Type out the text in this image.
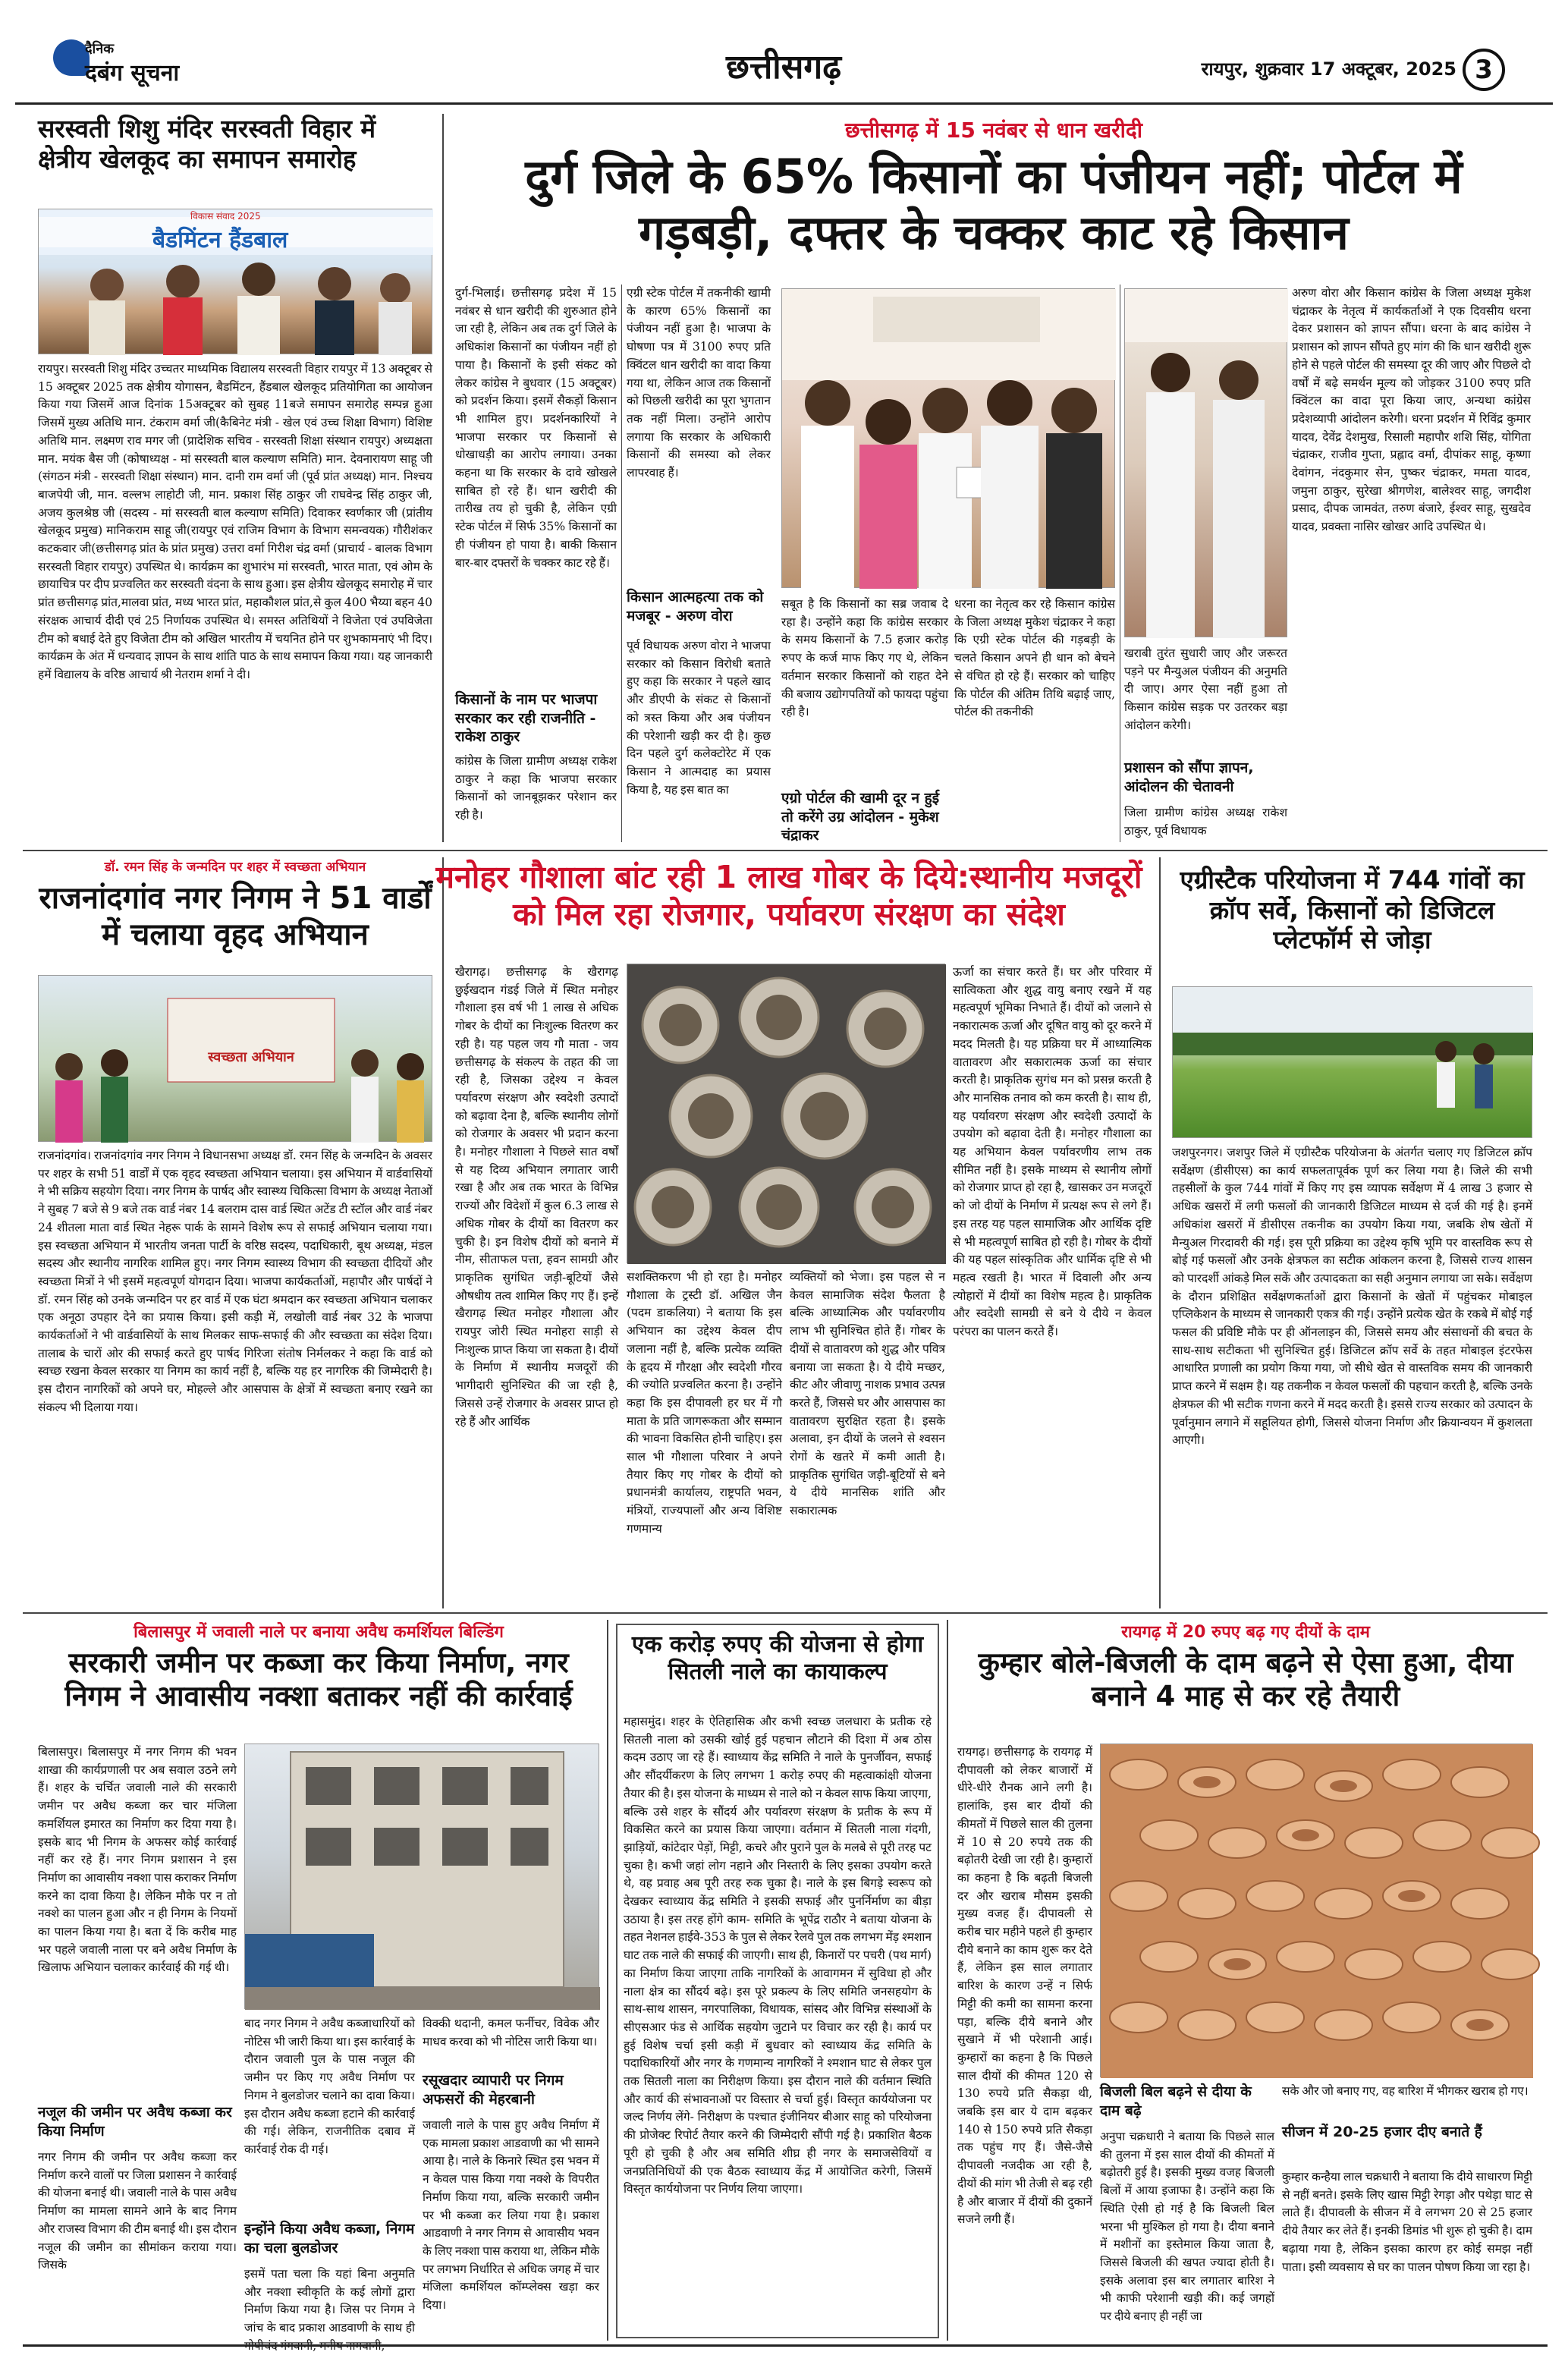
दैनिक
दबंग सूचना	छत्तीसगढ़	रायपुर, शुक्रवार 17 अक्टूबर, 2025 3
सरस्वती शिशु मंदिर सरस्वती विहार में क्षेत्रीय खेलकूद का समापन समारोह
बैडमिंटन हैंडबाल
विकास संवाद 2025
रायपुर। सरस्वती शिशु मंदिर उच्चतर माध्यमिक विद्यालय सरस्वती विहार रायपुर में 13 अक्टूबर से 15 अक्टूबर 2025 तक क्षेत्रीय योगासन, बैडमिंटन, हैंडबाल खेलकूद प्रतियोगिता का आयोजन किया गया जिसमें आज दिनांक 15अक्टूबर को सुबह 11बजे समापन समारोह सम्पन्न हुआ जिसमें मुख्य अतिथि मान. टंकराम वर्मा जी(कैबिनेट मंत्री - खेल एवं उच्च शिक्षा विभाग) विशिष्ट अतिथि मान. लक्ष्मण राव मगर जी (प्रादेशिक सचिव - सरस्वती शिक्षा संस्थान रायपुर) अध्यक्षता मान. मयंक बैस जी (कोषाध्यक्ष - मां सरस्वती बाल कल्याण समिति) मान. देवनारायण साहू जी (संगठन मंत्री - सरस्वती शिक्षा संस्थान) मान. दानी राम वर्मा जी (पूर्व प्रांत अध्यक्ष) मान. निश्चय बाजपेयी जी, मान. वल्लभ लाहोटी जी, मान. प्रकाश सिंह ठाकुर जी राघवेन्द्र सिंह ठाकुर जी, अजय कुलश्रेष्ठ जी (सदस्य - मां सरस्वती बाल कल्याण समिति) दिवाकर स्वर्णकार जी (प्रांतीय खेलकूद प्रमुख) मानिकराम साहू जी(रायपुर एवं राजिम विभाग के विभाग समन्वयक) गौरीशंकर कटकवार जी(छत्तीसगढ़ प्रांत के प्रांत प्रमुख) उत्तरा वर्मा गिरीश चंद्र वर्मा (प्राचार्य - बालक विभाग सरस्वती विहार रायपुर) उपस्थित थे। कार्यक्रम का शुभारंभ मां सरस्वती, भारत माता, एवं ओम के छायाचित्र पर दीप प्रज्वलित कर सरस्वती वंदना के साथ हुआ। इस क्षेत्रीय खेलकूद समारोह में चार प्रांत छत्तीसगढ़ प्रांत,मालवा प्रांत, मध्य भारत प्रांत, महाकौशल प्रांत,से कुल 400 भैय्या बहन 40 संरक्षक आचार्य दीदी एवं 25 निर्णायक उपस्थित थे। समस्त अतिथियों ने विजेता एवं उपविजेता टीम को बधाई देते हुए विजेता टीम को अखिल भारतीय में चयनित होने पर शुभकामनाएं भी दिए। कार्यक्रम के अंत में धन्यवाद ज्ञापन के साथ शांति पाठ के साथ समापन किया गया। यह जानकारी हमें विद्यालय के वरिष्ठ आचार्य श्री नेतराम शर्मा ने दी।
छत्तीसगढ़ में 15 नवंबर से धान खरीदी
दुर्ग जिले के 65% किसानों का पंजीयन नहीं; पोर्टल में गड़बड़ी, दफ्तर के चक्कर काट रहे किसान
दुर्ग-भिलाई। छत्तीसगढ़ प्रदेश में 15 नवंबर से धान खरीदी की शुरुआत होने जा रही है, लेकिन अब तक दुर्ग जिले के अधिकांश किसानों का पंजीयन नहीं हो पाया है। किसानों के इसी संकट को लेकर कांग्रेस ने बुधवार (15 अक्टूबर) को प्रदर्शन किया। इसमें सैकड़ों किसान भी शामिल हुए। प्रदर्शनकारियों ने भाजपा सरकार पर किसानों से धोखाधड़ी का आरोप लगाया। उनका कहना था कि सरकार के दावे खोखले साबित हो रहे हैं। धान खरीदी की तारीख तय हो चुकी है, लेकिन एग्री स्टेक पोर्टल में सिर्फ 35% किसानों का ही पंजीयन हो पाया है। बाकी किसान बार-बार दफ्तरों के चक्कर काट रहे हैं।
किसानों के नाम पर भाजपा सरकार कर रही राजनीति - राकेश ठाकुर
कांग्रेस के जिला ग्रामीण अध्यक्ष राकेश ठाकुर ने कहा कि भाजपा सरकार किसानों को जानबूझकर परेशान कर रही है।
एग्री स्टेक पोर्टल में तकनीकी खामी के कारण 65% किसानों का पंजीयन नहीं हुआ है। भाजपा के घोषणा पत्र में 3100 रुपए प्रति क्विंटल धान खरीदी का वादा किया गया था, लेकिन आज तक किसानों को पिछली खरीदी का पूरा भुगतान तक नहीं मिला। उन्होंने आरोप लगाया कि सरकार के अधिकारी किसानों की समस्या को लेकर लापरवाह हैं।
किसान आत्महत्या तक को मजबूर - अरुण वोरा
पूर्व विधायक अरुण वोरा ने भाजपा सरकार को किसान विरोधी बताते हुए कहा कि सरकार ने पहले खाद और डीएपी के संकट से किसानों को त्रस्त किया और अब पंजीयन की परेशानी खड़ी कर दी है। कुछ दिन पहले दुर्ग कलेक्टोरेट में एक किसान ने आत्मदाह का प्रयास किया है, यह इस बात का
सबूत है कि किसानों का सब्र जवाब दे रहा है। उन्होंने कहा कि कांग्रेस सरकार के समय किसानों के 7.5 हजार करोड़ रुपए के कर्ज माफ किए गए थे, लेकिन वर्तमान सरकार किसानों को राहत देने की बजाय उद्योगपतियों को फायदा पहुंचा रही है।
एग्रो पोर्टल की खामी दूर न हुई तो करेंगे उग्र आंदोलन - मुकेश चंद्राकर
धरना का नेतृत्व कर रहे किसान कांग्रेस के जिला अध्यक्ष मुकेश चंद्राकर ने कहा कि एग्री स्टेक पोर्टल की गड़बड़ी के चलते किसान अपने ही धान को बेचने से वंचित हो रहे हैं। सरकार को चाहिए कि पोर्टल की अंतिम तिथि बढ़ाई जाए, पोर्टल की तकनीकी
खराबी तुरंत सुधारी जाए और जरूरत पड़ने पर मैन्युअल पंजीयन की अनुमति दी जाए। अगर ऐसा नहीं हुआ तो किसान कांग्रेस सड़क पर उतरकर बड़ा आंदोलन करेगी।
प्रशासन को सौंपा ज्ञापन, आंदोलन की चेतावनी
जिला ग्रामीण कांग्रेस अध्यक्ष राकेश ठाकुर, पूर्व विधायक
अरुण वोरा और किसान कांग्रेस के जिला अध्यक्ष मुकेश चंद्राकर के नेतृत्व में कार्यकर्ताओं ने एक दिवसीय धरना देकर प्रशासन को ज्ञापन सौंपा। धरना के बाद कांग्रेस ने प्रशासन को ज्ञापन सौंपते हुए मांग की कि धान खरीदी शुरू होने से पहले पोर्टल की समस्या दूर की जाए और पिछले दो वर्षों में बढ़े समर्थन मूल्य को जोड़कर 3100 रुपए प्रति क्विंटल का वादा पूरा किया जाए, अन्यथा कांग्रेस प्रदेशव्यापी आंदोलन करेगी। धरना प्रदर्शन में रिविंद्र कुमार यादव, देवेंद्र देशमुख, रिसाली महापौर शशि सिंह, योगिता चंद्राकर, राजीव गुप्ता, प्रह्लाद वर्मा, दीपांकर साहू, कृष्णा देवांगन, नंदकुमार सेन, पुष्कर चंद्राकर, ममता यादव, जमुना ठाकुर, सुरेखा श्रीगणेश, बालेश्वर साहू, जगदीश प्रसाद, दीपक जामवंत, तरुण बंजारे, ईश्वर साहू, सुखदेव यादव, प्रवक्ता नासिर खोखर आदि उपस्थित थे।
डॉ. रमन सिंह के जन्मदिन पर शहर में स्वच्छता अभियान
राजनांदगांव नगर निगम ने 51 वार्डों में चलाया वृहद अभियान
स्वच्छता अभियान
राजनांदगांव। राजनांदगांव नगर निगम ने विधानसभा अध्यक्ष डॉ. रमन सिंह के जन्मदिन के अवसर पर शहर के सभी 51 वार्डों में एक वृहद स्वच्छता अभियान चलाया। इस अभियान में वार्डवासियों ने भी सक्रिय सहयोग दिया। नगर निगम के पार्षद और स्वास्थ्य चिकित्सा विभाग के अध्यक्ष नेताओं ने सुबह 7 बजे से 9 बजे तक वार्ड नंबर 14 बलराम दास वार्ड स्थित अटेंड टी स्टॉल और वार्ड नंबर 24 शीतला माता वार्ड स्थित नेहरू पार्क के सामने विशेष रूप से सफाई अभियान चलाया गया। इस स्वच्छता अभियान में भारतीय जनता पार्टी के वरिष्ठ सदस्य, पदाधिकारी, बूथ अध्यक्ष, मंडल सदस्य और स्थानीय नागरिक शामिल हुए। नगर निगम स्वास्थ्य विभाग की स्वच्छता दीदियों और स्वच्छता मित्रों ने भी इसमें महत्वपूर्ण योगदान दिया। भाजपा कार्यकर्ताओं, महापौर और पार्षदों ने डॉ. रमन सिंह को उनके जन्मदिन पर हर वार्ड में एक घंटा श्रमदान कर स्वच्छता अभियान चलाकर एक अनूठा उपहार देने का प्रयास किया। इसी कड़ी में, लखोली वार्ड नंबर 32 के भाजपा कार्यकर्ताओं ने भी वार्डवासियों के साथ मिलकर साफ-सफाई की और स्वच्छता का संदेश दिया। तालाब के चारों ओर की सफाई करते हुए पार्षद गिरिजा संतोष निर्मलकर ने कहा कि वार्ड को स्वच्छ रखना केवल सरकार या निगम का कार्य नहीं है, बल्कि यह हर नागरिक की जिम्मेदारी है। इस दौरान नागरिकों को अपने घर, मोहल्ले और आसपास के क्षेत्रों में स्वच्छता बनाए रखने का संकल्प भी दिलाया गया।
मनोहर गौशाला बांट रही 1 लाख गोबर के दिये:स्थानीय मजदूरों को मिल रहा रोजगार, पर्यावरण संरक्षण का संदेश
खैरागढ़। छत्तीसगढ़ के खैरागढ़ छुईखदान गंडई जिले में स्थित मनोहर गौशाला इस वर्ष भी 1 लाख से अधिक गोबर के दीयों का निःशुल्क वितरण कर रही है। यह पहल जय गौ माता - जय छत्तीसगढ़ के संकल्प के तहत की जा रही है, जिसका उद्देश्य न केवल पर्यावरण संरक्षण और स्वदेशी उत्पादों को बढ़ावा देना है, बल्कि स्थानीय लोगों को रोजगार के अवसर भी प्रदान करना है। मनोहर गौशाला ने पिछले सात वर्षों से यह दिव्य अभियान लगातार जारी रखा है और अब तक भारत के विभिन्न राज्यों और विदेशों में कुल 6.3 लाख से अधिक गोबर के दीयों का वितरण कर चुकी है। इन विशेष दीयों को बनाने में नीम, सीताफल पत्ता, हवन सामग्री और प्राकृतिक सुगंधित जड़ी-बूटियों जैसे औषधीय तत्व शामिल किए गए हैं। इन्हें खैरागढ़ स्थित मनोहर गौशाला और रायपुर जोरी स्थित मनोहरा साड़ी से निःशुल्क प्राप्त किया जा सकता है। दीयों के निर्माण में स्थानीय मजदूरों की भागीदारी सुनिश्चित की जा रही है, जिससे उन्हें रोजगार के अवसर प्राप्त हो रहे हैं और आर्थिक
सशक्तिकरण भी हो रहा है। मनोहर गौशाला के ट्रस्टी डॉ. अखिल जैन (पदम डाकलिया) ने बताया कि इस अभियान का उद्देश्य केवल दीप जलाना नहीं है, बल्कि प्रत्येक व्यक्ति के हृदय में गौरक्षा और स्वदेशी गौरव की ज्योति प्रज्वलित करना है। उन्होंने कहा कि इस दीपावली हर घर में गौ माता के प्रति जागरूकता और सम्मान की भावना विकसित होनी चाहिए। इस साल भी गौशाला परिवार ने अपने तैयार किए गए गोबर के दीयों को प्रधानमंत्री कार्यालय, राष्ट्रपति भवन, मंत्रियों, राज्यपालों और अन्य विशिष्ट गणमान्य
व्यक्तियों को भेजा। इस पहल से न केवल सामाजिक संदेश फैलता है बल्कि आध्यात्मिक और पर्यावरणीय लाभ भी सुनिश्चित होते हैं। गोबर के दीयों से वातावरण को शुद्ध और पवित्र बनाया जा सकता है। ये दीये मच्छर, कीट और जीवाणु नाशक प्रभाव उत्पन्न करते हैं, जिससे घर और आसपास का वातावरण सुरक्षित रहता है। इसके अलावा, इन दीयों के जलने से श्वसन रोगों के खतरे में कमी आती है। प्राकृतिक सुगंधित जड़ी-बूटियों से बने ये दीये मानसिक शांति और सकारात्मक
ऊर्जा का संचार करते हैं। घर और परिवार में सात्विकता और शुद्ध वायु बनाए रखने में यह महत्वपूर्ण भूमिका निभाते हैं। दीयों को जलाने से नकारात्मक ऊर्जा और दूषित वायु को दूर करने में मदद मिलती है। यह प्रक्रिया घर में आध्यात्मिक वातावरण और सकारात्मक ऊर्जा का संचार करती है। प्राकृतिक सुगंध मन को प्रसन्न करती है और मानसिक तनाव को कम करती है। साथ ही, यह पर्यावरण संरक्षण और स्वदेशी उत्पादों के उपयोग को बढ़ावा देती है। मनोहर गौशाला का यह अभियान केवल पर्यावरणीय लाभ तक सीमित नहीं है। इसके माध्यम से स्थानीय लोगों को रोजगार प्राप्त हो रहा है, खासकर उन मजदूरों को जो दीयों के निर्माण में प्रत्यक्ष रूप से लगे हैं। इस तरह यह पहल सामाजिक और आर्थिक दृष्टि से भी महत्वपूर्ण साबित हो रही है। गोबर के दीयों की यह पहल सांस्कृतिक और धार्मिक दृष्टि से भी महत्व रखती है। भारत में दिवाली और अन्य त्योहारों में दीयों का विशेष महत्व है। प्राकृतिक और स्वदेशी सामग्री से बने ये दीये न केवल परंपरा का पालन करते हैं।
एग्रीस्टैक परियोजना में 744 गांवों का क्रॉप सर्वे, किसानों को डिजिटल प्लेटफॉर्म से जोड़ा
जशपुरनगर। जशपुर जिले में एग्रीस्टैक परियोजना के अंतर्गत चलाए गए डिजिटल क्रॉप सर्वेक्षण (डीसीएस) का कार्य सफलतापूर्वक पूर्ण कर लिया गया है। जिले की सभी तहसीलों के कुल 744 गांवों में किए गए इस व्यापक सर्वेक्षण में 4 लाख 3 हजार से अधिक खसरों में लगी फसलों की जानकारी डिजिटल माध्यम से दर्ज की गई है। इनमें अधिकांश खसरों में डीसीएस तकनीक का उपयोग किया गया, जबकि शेष खेतों में मैन्युअल गिरदावरी की गई। इस पूरी प्रक्रिया का उद्देश्य कृषि भूमि पर वास्तविक रूप से बोई गई फसलों और उनके क्षेत्रफल का सटीक आंकलन करना है, जिससे राज्य शासन को पारदर्शी आंकड़े मिल सकें और उत्पादकता का सही अनुमान लगाया जा सके। सर्वेक्षण के दौरान प्रशिक्षित सर्वेक्षणकर्ताओं द्वारा किसानों के खेतों में पहुंचकर मोबाइल एप्लिकेशन के माध्यम से जानकारी एकत्र की गई। उन्होंने प्रत्येक खेत के रकबे में बोई गई फसल की प्रविष्टि मौके पर ही ऑनलाइन की, जिससे समय और संसाधनों की बचत के साथ-साथ सटीकता भी सुनिश्चित हुई। डिजिटल क्रॉप सर्वे के तहत मोबाइल इंटरफेस आधारित प्रणाली का प्रयोग किया गया, जो सीधे खेत से वास्तविक समय की जानकारी प्राप्त करने में सक्षम है। यह तकनीक न केवल फसलों की पहचान करती है, बल्कि उनके क्षेत्रफल की भी सटीक गणना करने में मदद करती है। इससे राज्य सरकार को उत्पादन के पूर्वानुमान लगाने में सहूलियत होगी, जिससे योजना निर्माण और क्रियान्वयन में कुशलता आएगी।
बिलासपुर में जवाली नाले पर बनाया अवैध कमर्शियल बिल्डिंग
सरकारी जमीन पर कब्जा कर किया निर्माण, नगर निगम ने आवासीय नक्शा बताकर नहीं की कार्रवाई
बिलासपुर। बिलासपुर में नगर निगम की भवन शाखा की कार्यप्रणाली पर अब सवाल उठने लगे हैं। शहर के चर्चित जवाली नाले की सरकारी जमीन पर अवैध कब्जा कर चार मंजिला कमर्शियल इमारत का निर्माण कर दिया गया है। इसके बाद भी निगम के अफसर कोई कार्रवाई नहीं कर रहे हैं। नगर निगम प्रशासन ने इस निर्माण का आवासीय नक्शा पास कराकर निर्माण करने का दावा किया है। लेकिन मौके पर न तो नक्शे का पालन हुआ और न ही निगम के नियमों का पालन किया गया है। बता दें कि करीब माह भर पहले जवाली नाला पर बने अवैध निर्माण के खिलाफ अभियान चलाकर कार्रवाई की गई थी।
नजूल की जमीन पर अवैध कब्जा कर किया निर्माण
नगर निगम की जमीन पर अवैध कब्जा कर निर्माण करने वालों पर जिला प्रशासन ने कार्रवाई की योजना बनाई थी। जवाली नाले के पास अवैध निर्माण का मामला सामने आने के बाद निगम और राजस्व विभाग की टीम बनाई थी। इस दौरान नजूल की जमीन का सीमांकन कराया गया। जिसके
बाद नगर निगम ने अवैध कब्जाधारियों को नोटिस भी जारी किया था। इस कार्रवाई के दौरान जवाली पुल के पास नजूल की जमीन पर किए गए अवैध निर्माण पर निगम ने बुलडोजर चलाने का दावा किया। इस दौरान अवैध कब्जा हटाने की कार्रवाई की गई। लेकिन, राजनीतिक दबाव में कार्रवाई रोक दी गई।
इन्होंने किया अवैध कब्जा, निगम का चला बुलडोजर
इसमें पता चला कि यहां बिना अनुमति और नक्शा स्वीकृति के कई लोगों द्वारा निर्माण किया गया है। जिस पर निगम ने जांच के बाद प्रकाश आडवाणी के साथ ही
विक्की थदानी, कमल फर्नीचर, विवेक और माधव करवा को भी नोटिस जारी किया था।
रसूखदार व्यापारी पर निगम अफसरों की मेहरबानी
जवाली नाले के पास हुए अवैध निर्माण में एक मामला प्रकाश आडवाणी का भी सामने आया है। नाले के किनारे स्थित इस भवन में न केवल पास किया गया नक्शे के विपरीत निर्माण किया गया, बल्कि सरकारी जमीन पर भी कब्जा कर लिया गया है। प्रकाश आडवाणी ने नगर निगम से आवासीय भवन के लिए नक्शा पास कराया था, लेकिन मौके पर लगभग निर्धारित से अधिक जगह में चार मंजिला कमर्शियल कॉम्प्लेक्स खड़ा कर दिया।
एक करोड़ रुपए की योजना से होगा सितली नाले का कायाकल्प
महासमुंद। शहर के ऐतिहासिक और कभी स्वच्छ जलधारा के प्रतीक रहे सितली नाला को उसकी खोई हुई पहचान लौटाने की दिशा में अब ठोस कदम उठाए जा रहे हैं। स्वाध्याय केंद्र समिति ने नाले के पुनर्जीवन, सफाई और सौंदर्यीकरण के लिए लगभग 1 करोड़ रुपए की महत्वाकांक्षी योजना तैयार की है। इस योजना के माध्यम से नाले को न केवल साफ किया जाएगा, बल्कि उसे शहर के सौंदर्य और पर्यावरण संरक्षण के प्रतीक के रूप में विकसित करने का प्रयास किया जाएगा। वर्तमान में सितली नाला गंदगी, झाड़ियों, कांटेदार पेड़ों, मिट्टी, कचरे और पुराने पुल के मलबे से पूरी तरह पट चुका है। कभी जहां लोग नहाने और निस्तारी के लिए इसका उपयोग करते थे, वह प्रवाह अब पूरी तरह रुक चुका है। नाले के इस बिगड़े स्वरूप को देखकर स्वाध्याय केंद्र समिति ने इसकी सफाई और पुनर्निर्माण का बीड़ा उठाया है। इस तरह होंगे काम- समिति के भूपेंद्र राठौर ने बताया योजना के तहत नेशनल हाईवे-353 के पुल से लेकर रेलवे पुल तक लगभग मेंड़ श्मशान घाट तक नाले की सफाई की जाएगी। साथ ही, किनारों पर पचरी (पथ मार्ग) का निर्माण किया जाएगा ताकि नागरिकों के आवागमन में सुविधा हो और नाला क्षेत्र का सौंदर्य बढ़े। इस पूरे प्रकल्प के लिए समिति जनसहयोग के साथ-साथ शासन, नगरपालिका, विधायक, सांसद और विभिन्न संस्थाओं के सीएसआर फंड से आर्थिक सहयोग जुटाने पर विचार कर रही है। कार्य पर हुई विशेष चर्चा इसी कड़ी में बुधवार को स्वाध्याय केंद्र समिति के पदाधिकारियों और नगर के गणमान्य नागरिकों ने श्मशान घाट से लेकर पुल तक सितली नाला का निरीक्षण किया। इस दौरान नाले की वर्तमान स्थिति और कार्य की संभावनाओं पर विस्तार से चर्चा हुई। विस्तृत कार्ययोजना पर जल्द निर्णय लेंगे- निरीक्षण के पश्चात इंजीनियर बीआर साहू को परियोजना की प्रोजेक्ट रिपोर्ट तैयार करने की जिम्मेदारी सौंपी गई है। प्रकाशित बैठक पूरी हो चुकी है और अब समिति शीघ्र ही नगर के समाजसेवियों व जनप्रतिनिधियों की एक बैठक स्वाध्याय केंद्र में आयोजित करेगी, जिसमें विस्तृत कार्ययोजना पर निर्णय लिया जाएगा।
रायगढ़ में 20 रुपए बढ़ गए दीयों के दाम
कुम्हार बोले-बिजली के दाम बढ़ने से ऐसा हुआ, दीया बनाने 4 माह से कर रहे तैयारी
रायगढ़। छत्तीसगढ़ के रायगढ़ में दीपावली को लेकर बाजारों में धीरे-धीरे रौनक आने लगी है। हालांकि, इस बार दीयों की कीमतों में पिछले साल की तुलना में 10 से 20 रुपये तक की बढ़ोतरी देखी जा रही है। कुम्हारों का कहना है कि बढ़ती बिजली दर और खराब मौसम इसकी मुख्य वजह हैं। दीपावली से करीब चार महीने पहले ही कुम्हार दीये बनाने का काम शुरू कर देते हैं, लेकिन इस साल लगातार बारिश के कारण उन्हें न सिर्फ मिट्टी की कमी का सामना करना पड़ा, बल्कि दीये बनाने और सुखाने में भी परेशानी आई। कुम्हारों का कहना है कि पिछले साल दीयों की कीमत 120 से 130 रुपये प्रति सैकड़ा थी, जबकि इस बार ये दाम बढ़कर 140 से 150 रुपये प्रति सैकड़ा तक पहुंच गए हैं। जैसे-जैसे दीपावली नजदीक आ रही है, दीयों की मांग भी तेजी से बढ़ रही है और बाजार में दीयों की दुकानें सजने लगी हैं।
बिजली बिल बढ़ने से दीया के दाम बढ़े
अनुपा चक्रधारी ने बताया कि पिछले साल की तुलना में इस साल दीयों की कीमतों में बढ़ोतरी हुई है। इसकी मुख्य वजह बिजली बिलों में आया इजाफा है। उन्होंने कहा कि स्थिति ऐसी हो गई है कि बिजली बिल भरना भी मुश्किल हो गया है। दीया बनाने में मशीनों का इस्तेमाल किया जाता है, जिससे बिजली की खपत ज्यादा होती है। इसके अलावा इस बार लगातार बारिश ने भी काफी परेशानी खड़ी की। कई जगहों पर दीये बनाए ही नहीं जा
सके और जो बनाए गए, वह बारिश में भीगकर खराब हो गए।
सीजन में 20-25 हजार दीए बनाते हैं
कुम्हार कन्हैया लाल चक्रधारी ने बताया कि दीये साधारण मिट्टी से नहीं बनते। इसके लिए खास मिट्टी रेगड़ा और पथेड़ा घाट से लाते हैं। दीपावली के सीजन में वे लगभग 20 से 25 हजार दीये तैयार कर लेते हैं। इनकी डिमांड भी शुरू हो चुकी है। दाम बढ़ाया गया है, लेकिन इसका कारण हर कोई समझ नहीं पाता। इसी व्यवसाय से घर का पालन पोषण किया जा रहा है।
